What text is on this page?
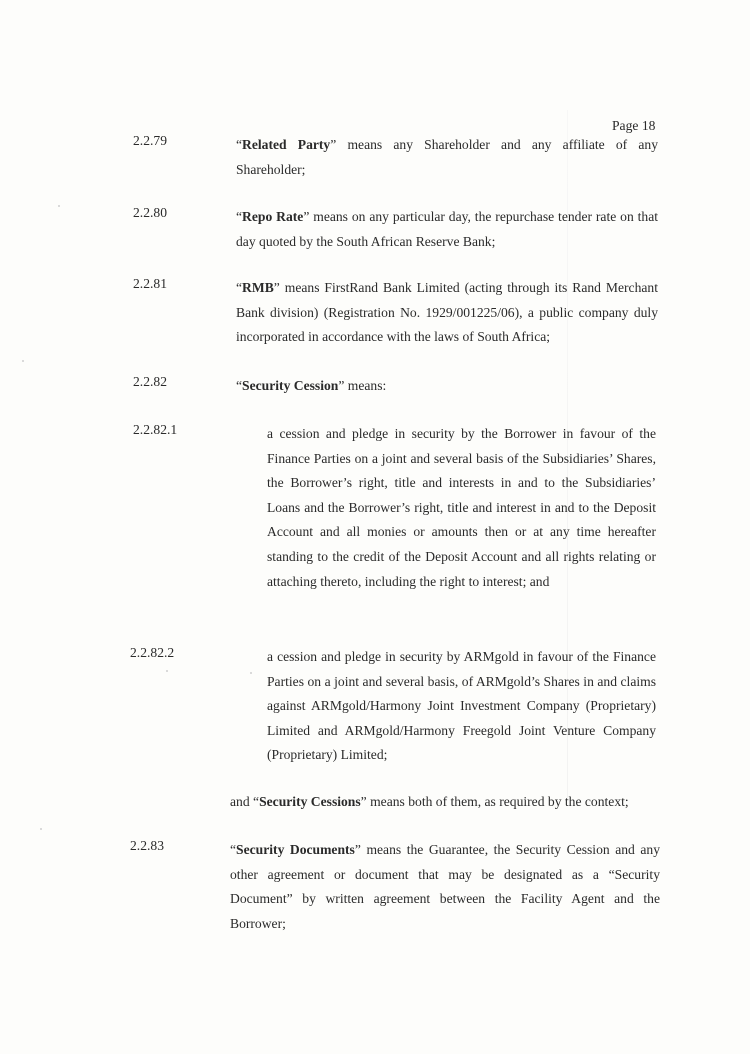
Page 18
2.2.79	“Related Party” means any Shareholder and any affiliate of any Shareholder;
2.2.80	“Repo Rate” means on any particular day, the repurchase tender rate on that day quoted by the South African Reserve Bank;
2.2.81	“RMB” means FirstRand Bank Limited (acting through its Rand Merchant Bank division) (Registration No. 1929/001225/06), a public company duly incorporated in accordance with the laws of South Africa;
2.2.82	“Security Cession” means:
2.2.82.1	a cession and pledge in security by the Borrower in favour of the Finance Parties on a joint and several basis of the Subsidiaries’ Shares, the Borrower’s right, title and interests in and to the Subsidiaries’ Loans and the Borrower’s right, title and interest in and to the Deposit Account and all monies or amounts then or at any time hereafter standing to the credit of the Deposit Account and all rights relating or attaching thereto, including the right to interest; and
2.2.82.2	a cession and pledge in security by ARMgold in favour of the Finance Parties on a joint and several basis, of ARMgold’s Shares in and claims against ARMgold/Harmony Joint Investment Company (Proprietary) Limited and ARMgold/Harmony Freegold Joint Venture Company (Proprietary) Limited;
and “Security Cessions” means both of them, as required by the context;
2.2.83	“Security Documents” means the Guarantee, the Security Cession and any other agreement or document that may be designated as a “Security Document” by written agreement between the Facility Agent and the Borrower;
